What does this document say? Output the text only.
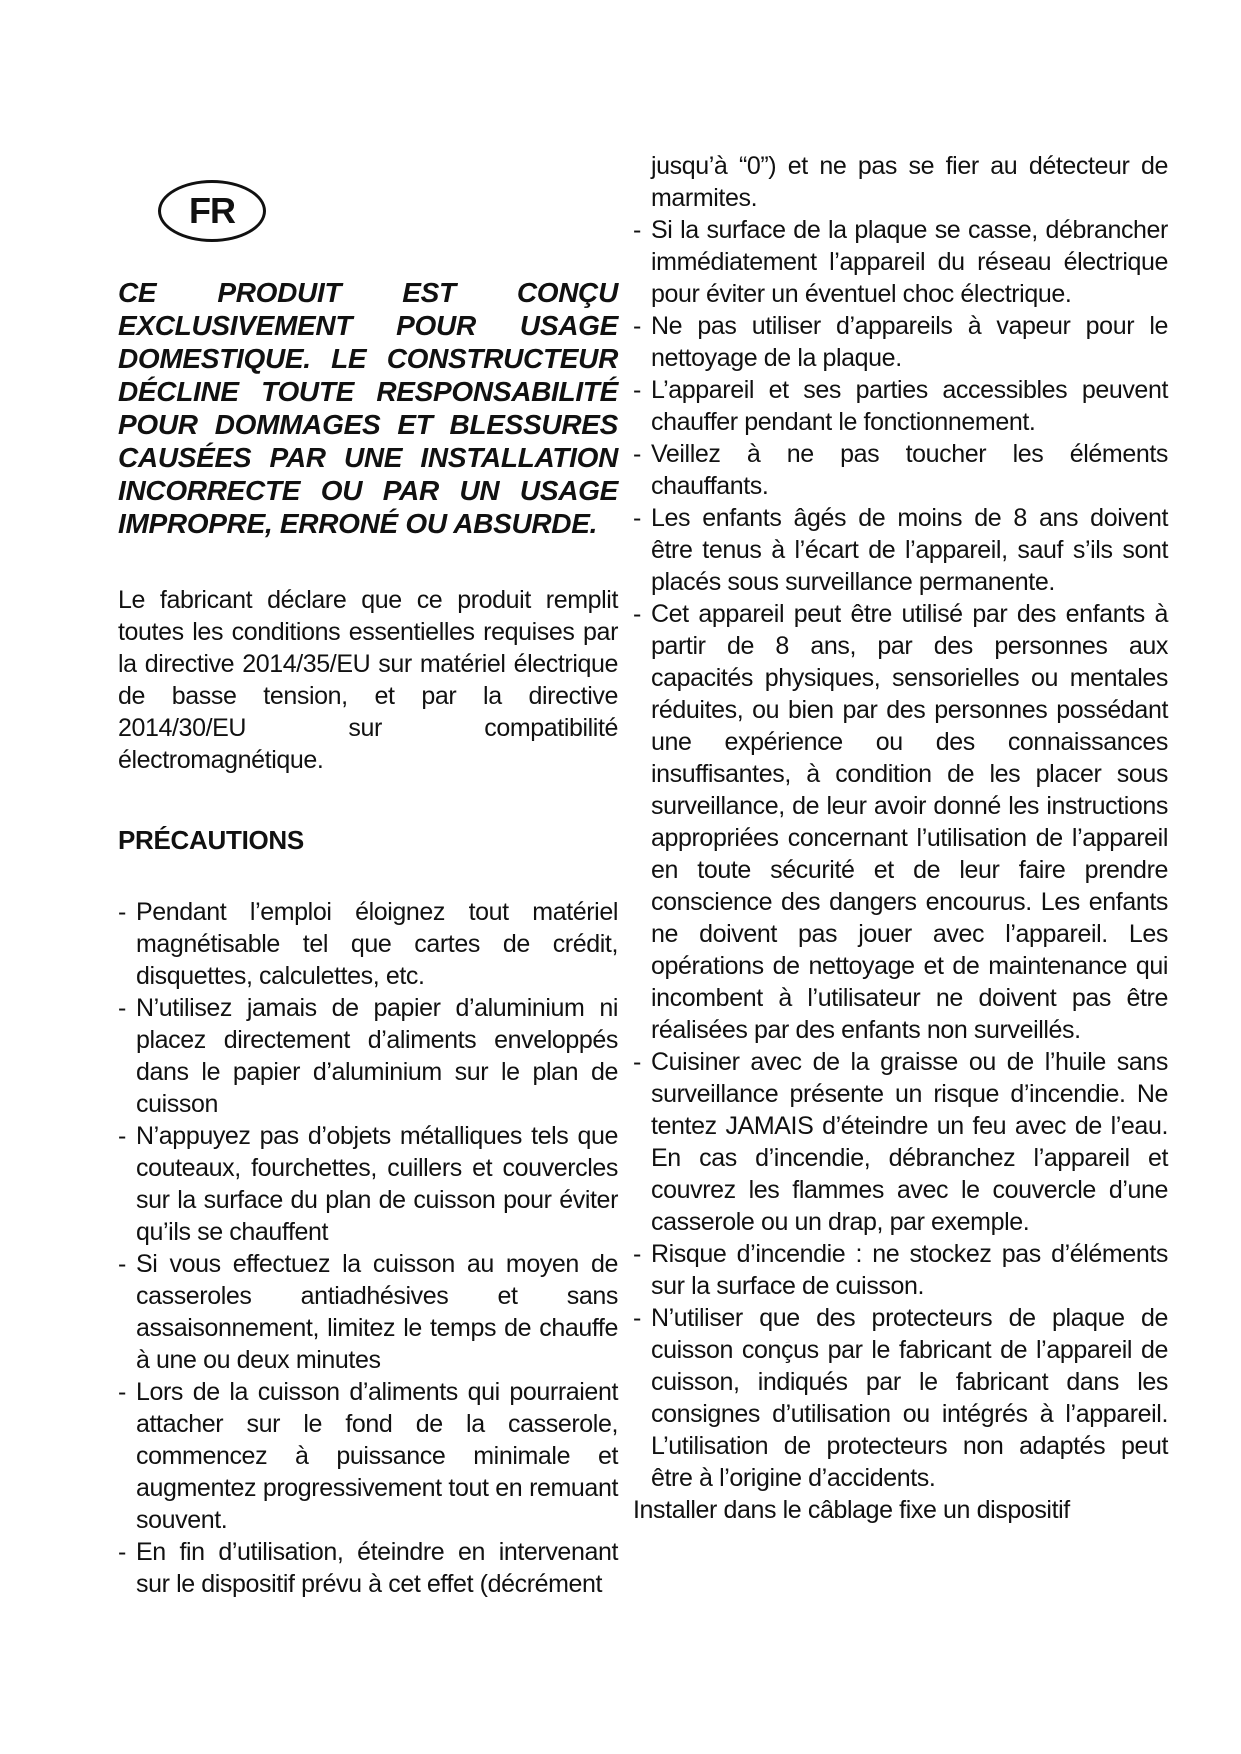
FR

CE PRODUIT EST CONÇU EXCLUSIVEMENT POUR USAGE DOMESTIQUE. LE CONSTRUCTEUR DÉCLINE TOUTE RESPONSABILITÉ POUR DOMMAGES ET BLESSURES CAUSÉES PAR UNE INSTALLATION INCORRECTE OU PAR UN USAGE IMPROPRE, ERRONÉ OU ABSURDE.

Le fabricant déclare que ce produit remplit toutes les conditions essentielles requises par la directive 2014/35/EU sur matériel électrique de basse tension, et par la directive 2014/30/EU sur compatibilité électromagnétique.

PRÉCAUTIONS
- Pendant l’emploi éloignez tout matériel magnétisable tel que cartes de crédit, disquettes, calculettes, etc.
- N’utilisez jamais de papier d’aluminium ni placez directement d’aliments enveloppés dans le papier d’aluminium sur le plan de cuisson
- N’appuyez pas d’objets métalliques tels que couteaux, fourchettes, cuillers et couvercles sur la surface du plan de cuisson pour éviter qu’ils se chauffent
- Si vous effectuez la cuisson au moyen de casseroles antiadhésives et sans assaisonnement, limitez le temps de chauffe à une ou deux minutes
- Lors de la cuisson d’aliments qui pourraient attacher sur le fond de la casserole, commencez à puissance minimale et augmentez progressivement tout en remuant souvent.
- En fin d’utilisation, éteindre en intervenant sur le dispositif prévu à cet effet (décrément

jusqu’à “0”) et ne pas se fier au détecteur de marmites.

- Si la surface de la plaque se casse, débrancher immédiatement l’appareil du réseau électrique pour éviter un éventuel choc électrique.
- Ne pas utiliser d’appareils à vapeur pour le nettoyage de la plaque.
- L’appareil et ses parties accessibles peuvent chauffer pendant le fonctionnement.
- Veillez à ne pas toucher les éléments chauffants.
- Les enfants âgés de moins de 8 ans doivent être tenus à l’écart de l’appareil, sauf s’ils sont placés sous surveillance permanente.
- Cet appareil peut être utilisé par des enfants à partir de 8 ans, par des personnes aux capacités physiques, sensorielles ou mentales réduites, ou bien par des personnes possédant une expérience ou des connaissances insuffisantes, à condition de les placer sous surveillance, de leur avoir donné les instructions appropriées concernant l’utilisation de l’appareil en toute sécurité et de leur faire prendre conscience des dangers encourus. Les enfants ne doivent pas jouer avec l’appareil. Les opérations de nettoyage et de maintenance qui incombent à l’utilisateur ne doivent pas être réalisées par des enfants non surveillés.
- Cuisiner avec de la graisse ou de l’huile sans surveillance présente un risque d’incendie. Ne tentez JAMAIS d’éteindre un feu avec de l’eau. En cas d’incendie, débranchez l’appareil et couvrez les flammes avec le couvercle d’une casserole ou un drap, par exemple.
- Risque d’incendie : ne stockez pas d’éléments sur la surface de cuisson.
- N’utiliser que des protecteurs de plaque de cuisson conçus par le fabricant de l’appareil de cuisson, indiqués par le fabricant dans les consignes d’utilisation ou intégrés à l’appareil. L’utilisation de protecteurs non adaptés peut être à l’origine d’accidents.

Installer dans le câblage fixe un dispositif
